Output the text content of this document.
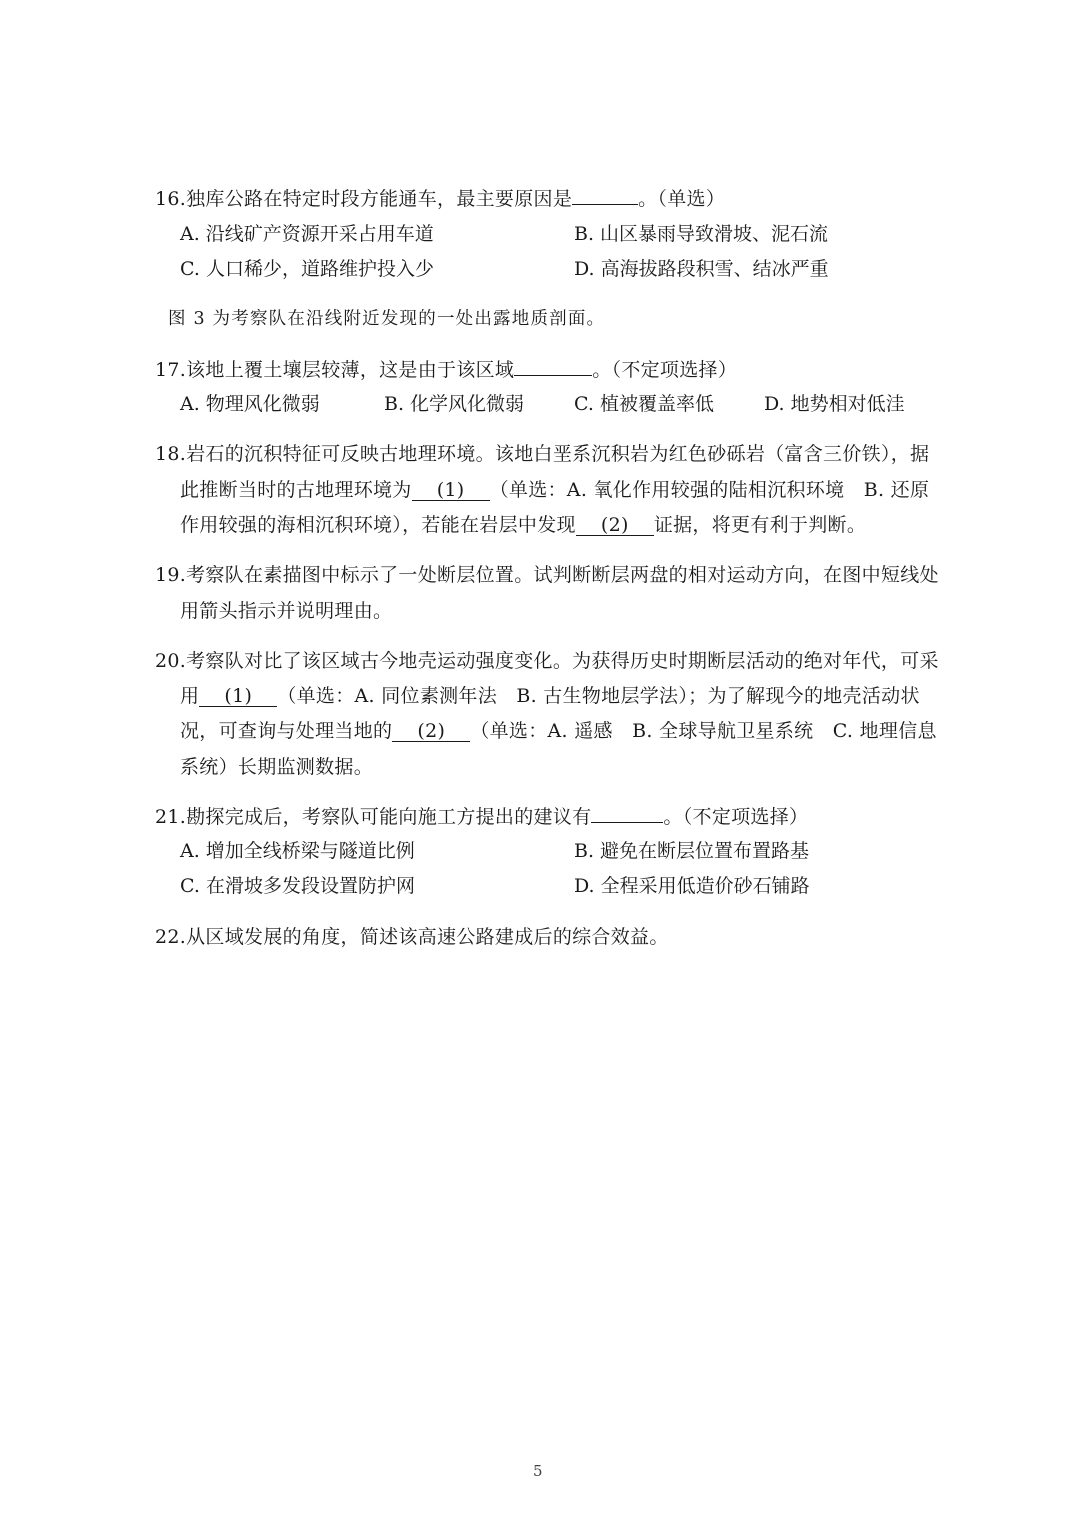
16.独库公路在特定时段方能通车，最主要原因是	。（单选）
A. 沿线矿产资源开采占用车道	B. 山区暴雨导致滑坡、泥石流
C. 人口稀少，道路维护投入少	D. 高海拔路段积雪、结冰严重
图 3 为考察队在沿线附近发现的一处出露地质剖面。
17.该地上覆土壤层较薄，这是由于该区域	。（不定项选择）
A. 物理风化微弱	B. 化学风化微弱	C. 植被覆盖率低	D. 地势相对低洼
18.岩石的沉积特征可反映古地理环境。该地白垩系沉积岩为红色砂砾岩（富含三价铁），据
此推断当时的古地理环境为 (1) （单选：A. 氧化作用较强的陆相沉积环境　B. 还原
作用较强的海相沉积环境），若能在岩层中发现 (2) 证据，将更有利于判断。
19.考察队在素描图中标示了一处断层位置。试判断断层两盘的相对运动方向，在图中短线处
用箭头指示并说明理由。
20.考察队对比了该区域古今地壳运动强度变化。为获得历史时期断层活动的绝对年代，可采
用 (1) （单选：A. 同位素测年法　B. 古生物地层学法）；为了解现今的地壳活动状
况，可查询与处理当地的 (2) （单选：A. 遥感　B. 全球导航卫星系统　C. 地理信息
系统）长期监测数据。
21.勘探完成后，考察队可能向施工方提出的建议有	。（不定项选择）
A. 增加全线桥梁与隧道比例	B. 避免在断层位置布置路基
C. 在滑坡多发段设置防护网	D. 全程采用低造价砂石铺路
22.从区域发展的角度，简述该高速公路建成后的综合效益。
5
